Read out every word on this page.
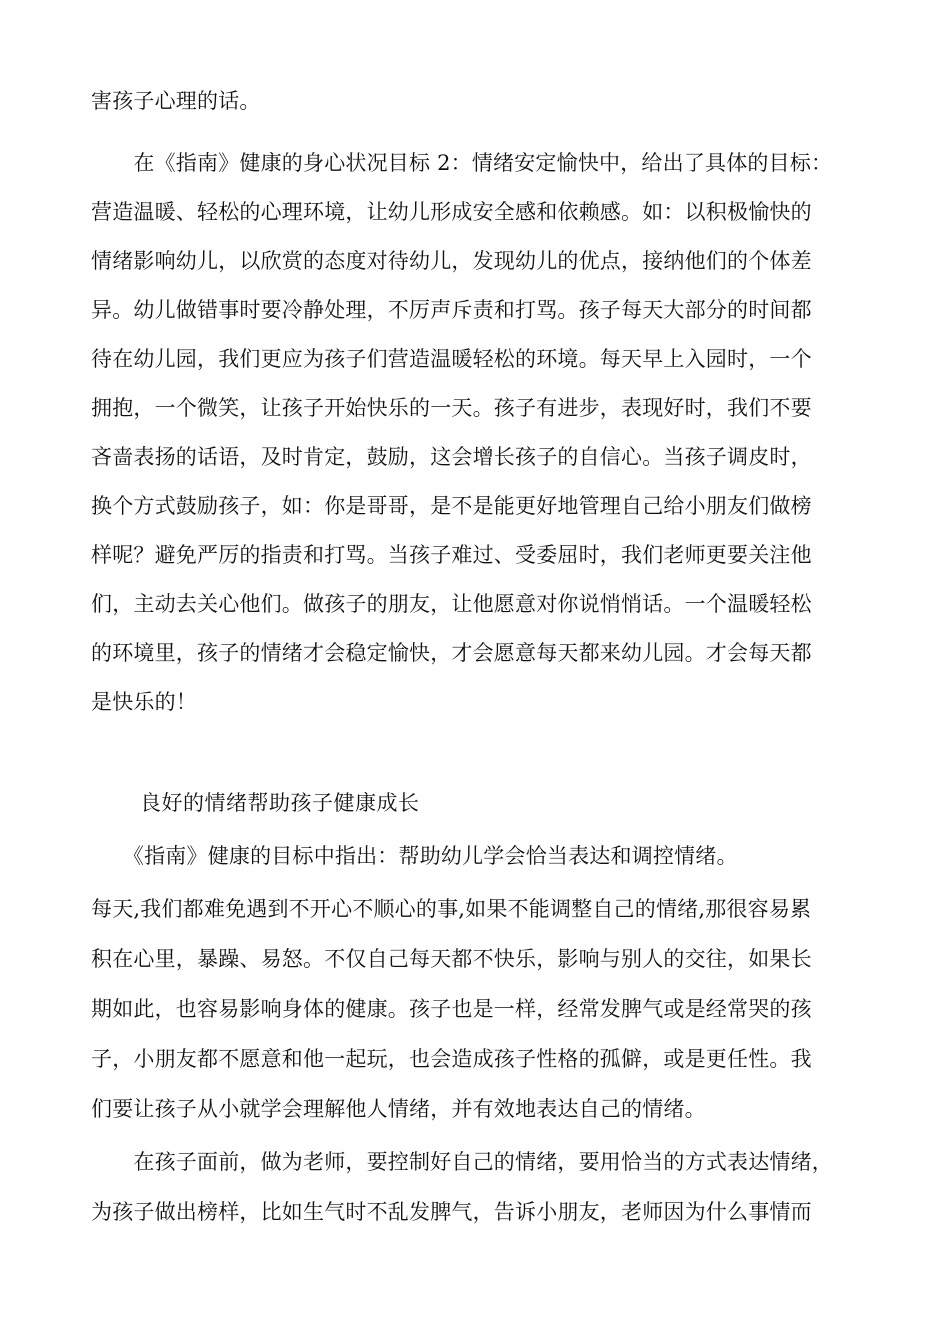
害孩子心理的话。
　　在《指南》健康的身心状况目标 2：情绪安定愉快中，给出了具体的目标：
营造温暖、轻松的心理环境，让幼儿形成安全感和依赖感。如：以积极愉快的
情绪影响幼儿，以欣赏的态度对待幼儿，发现幼儿的优点，接纳他们的个体差
异。幼儿做错事时要冷静处理，不厉声斥责和打骂。孩子每天大部分的时间都
待在幼儿园，我们更应为孩子们营造温暖轻松的环境。每天早上入园时，一个
拥抱，一个微笑，让孩子开始快乐的一天。孩子有进步，表现好时，我们不要
吝啬表扬的话语，及时肯定，鼓励，这会增长孩子的自信心。当孩子调皮时，
换个方式鼓励孩子，如：你是哥哥，是不是能更好地管理自己给小朋友们做榜
样呢？避免严厉的指责和打骂。当孩子难过、受委屈时，我们老师更要关注他
们，主动去关心他们。做孩子的朋友，让他愿意对你说悄悄话。一个温暖轻松
的环境里，孩子的情绪才会稳定愉快，才会愿意每天都来幼儿园。才会每天都
是快乐的！
良好的情绪帮助孩子健康成长
　　《指南》健康的目标中指出：帮助幼儿学会恰当表达和调控情绪。
每天,我们都难免遇到不开心不顺心的事,如果不能调整自己的情绪,那很容易累
积在心里，暴躁、易怒。不仅自己每天都不快乐，影响与别人的交往，如果长
期如此，也容易影响身体的健康。孩子也是一样，经常发脾气或是经常哭的孩
子，小朋友都不愿意和他一起玩，也会造成孩子性格的孤僻，或是更任性。我
们要让孩子从小就学会理解他人情绪，并有效地表达自己的情绪。
　　在孩子面前，做为老师，要控制好自己的情绪，要用恰当的方式表达情绪，
为孩子做出榜样，比如生气时不乱发脾气，告诉小朋友，老师因为什么事情而
